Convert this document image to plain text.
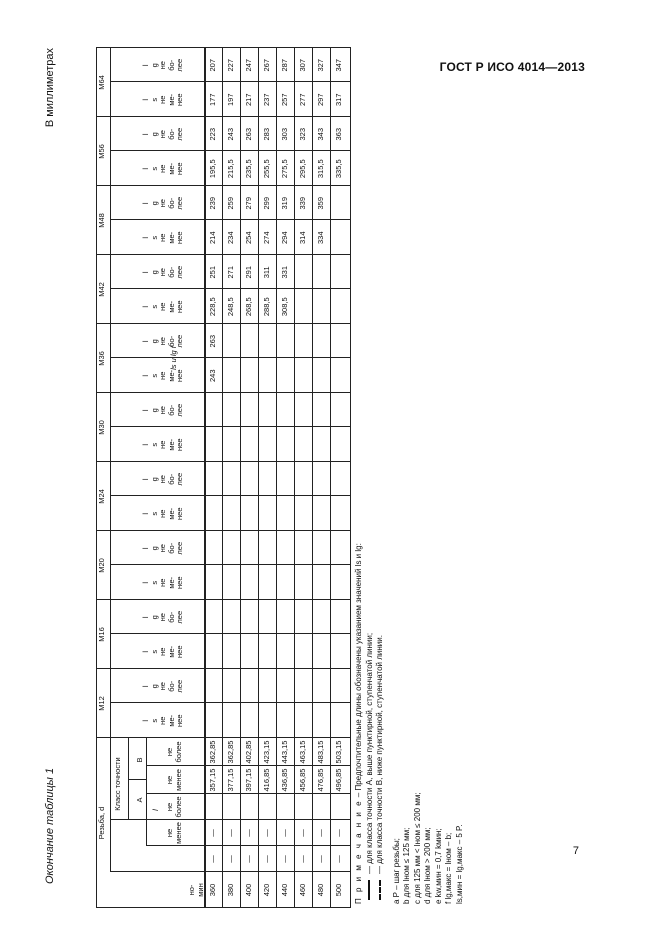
ГОСТ Р ИСО 4014—2013
7
Окончание таблицы 1
В миллиметрах
Резьба, d	l
Класс точности A
B
но-
мин
не
менее
не
более
не
менее
не
более
M12
l
s
не
ме-
нее
l
g
не
бо-
лее
M16
l
s
не
ме-
нее
l
g
не
бо-
лее
M20
l
s
не
ме-
нее
l
g
не
бо-
лее
M24
l
s
не
ме-
нее
l
g
не
бо-
лее
M30
l
s
не
ме-
нее
l
g
не
бо-
лее
M36
l
s
не
ме-
нее
l
g
не
бо-
лее
M42
l
s
не
ме-
нее
l
g
не
бо-
лее
M48
l
s
не
ме-
нее
l
g
не
бо-
лее
M56
l
s
не
ме-
нее
l
g
не
бо-
лее
M64
l
s
не
ме-
нее
l
g
не
бо-
лее
360
—
—
357,15
362,85
243
263
228,5
251
214
239
195,5
223
177
207
380
—
—
377,15
362,85
248,5
271
234
259
215,5
243
197
227
400
—
—
397,15
402,85
268,5
291
254
279
235,5
263
217
247
420
—
—
416,85
423,15
288,5
311
274
299
255,5
283
237
267
440
—
—
436,85
443,15
308,5
331
294
319
275,5
303
257
287
460
—
—
456,85
463,15
314
339
295,5
323
277
307
480
—
—
476,85
483,15
334
359
315,5
343
297
327
500
—
—
496,85
503,15
335,5
363
317
347
П р и м е ч а н и е – Предпочтительные длины обозначены указанием значений ls и lg: — для класса точности A, выше пунктирной, ступенчатой линии; — для класса точности B, ниже пунктирной, ступенчатой линии. a P – шаг резьбы; b для lном ≤ 125 мм; c для 125 мм < lном ≤ 200 мм; d для lном > 200 мм; e kw,мин = 0,7 kмин; f lg,макс = lном – b; ls,мин = lg,макс – 5 P.
